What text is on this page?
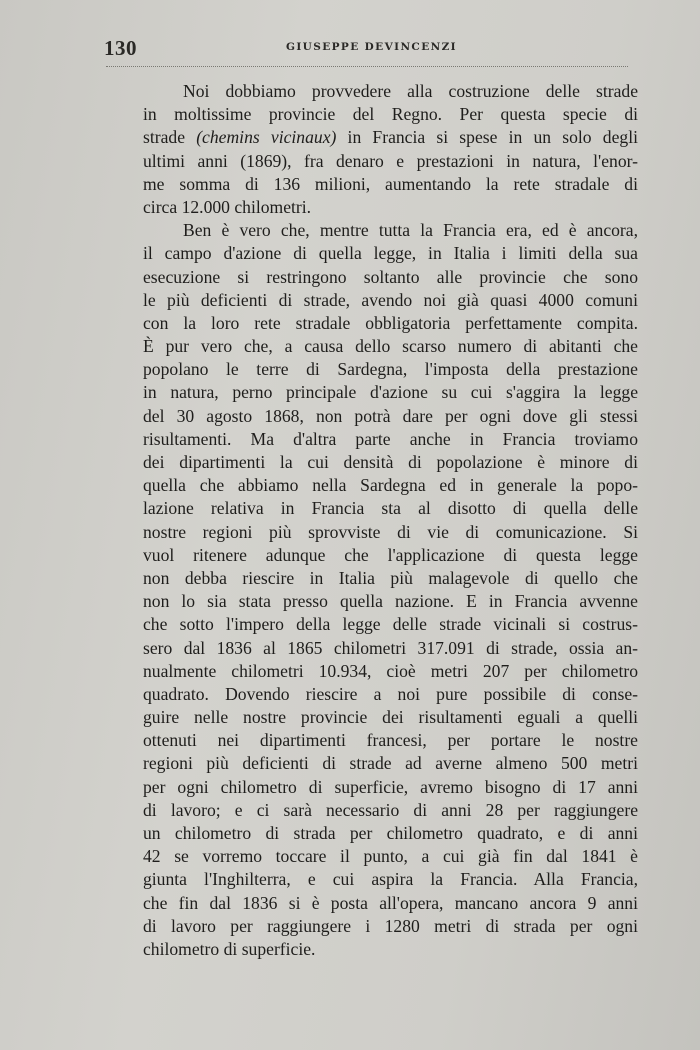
130	GIUSEPPE DEVINCENZI
Noi dobbiamo provvedere alla costruzione delle strade
in moltissime provincie del Regno. Per questa specie di
strade (chemins vicinaux) in Francia si spese in un solo degli
ultimi anni (1869), fra denaro e prestazioni in natura, l'enor-
me somma di 136 milioni, aumentando la rete stradale di
circa 12.000 chilometri.
Ben è vero che, mentre tutta la Francia era, ed è ancora,
il campo d'azione di quella legge, in Italia i limiti della sua
esecuzione si restringono soltanto alle provincie che sono
le più deficienti di strade, avendo noi già quasi 4000 comuni
con la loro rete stradale obbligatoria perfettamente compita.
È pur vero che, a causa dello scarso numero di abitanti che
popolano le terre di Sardegna, l'imposta della prestazione
in natura, perno principale d'azione su cui s'aggira la legge
del 30 agosto 1868, non potrà dare per ogni dove gli stessi
risultamenti. Ma d'altra parte anche in Francia troviamo
dei dipartimenti la cui densità di popolazione è minore di
quella che abbiamo nella Sardegna ed in generale la popo-
lazione relativa in Francia sta al disotto di quella delle
nostre regioni più sprovviste di vie di comunicazione. Si
vuol ritenere adunque che l'applicazione di questa legge
non debba riescire in Italia più malagevole di quello che
non lo sia stata presso quella nazione. E in Francia avvenne
che sotto l'impero della legge delle strade vicinali si costrus-
sero dal 1836 al 1865 chilometri 317.091 di strade, ossia an-
nualmente chilometri 10.934, cioè metri 207 per chilometro
quadrato. Dovendo riescire a noi pure possibile di conse-
guire nelle nostre provincie dei risultamenti eguali a quelli
ottenuti nei dipartimenti francesi, per portare le nostre
regioni più deficienti di strade ad averne almeno 500 metri
per ogni chilometro di superficie, avremo bisogno di 17 anni
di lavoro; e ci sarà necessario di anni 28 per raggiungere
un chilometro di strada per chilometro quadrato, e di anni
42 se vorremo toccare il punto, a cui già fin dal 1841 è
giunta l'Inghilterra, e cui aspira la Francia. Alla Francia,
che fin dal 1836 si è posta all'opera, mancano ancora 9 anni
di lavoro per raggiungere i 1280 metri di strada per ogni
chilometro di superficie.
